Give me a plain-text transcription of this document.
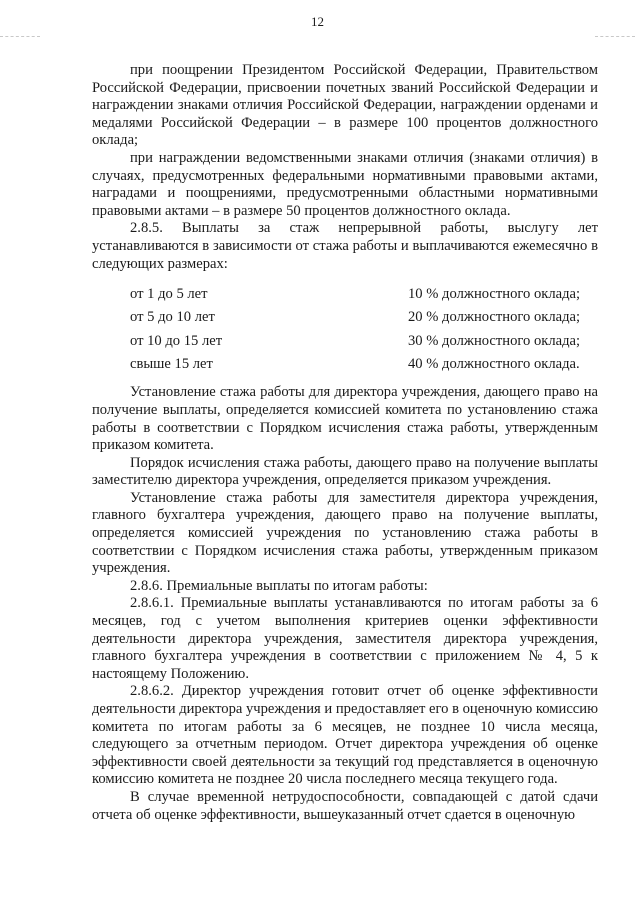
12

при поощрении Президентом Российской Федерации, Правительством Российской Федерации, присвоении почетных званий Российской Федерации и награждении знаками отличия Российской Федерации, награждении орденами и медалями Российской Федерации – в размере 100 процентов должностного оклада;

при награждении ведомственными знаками отличия (знаками отличия) в случаях, предусмотренных федеральными нормативными правовыми актами, наградами и поощрениями, предусмотренными областными нормативными правовыми актами – в размере 50 процентов должностного оклада.

2.8.5. Выплаты за стаж непрерывной работы, выслугу лет устанавливаются в зависимости от стажа работы и выплачиваются ежемесячно в следующих размерах:

от 1 до 5 лет	10 % должностного оклада;
от 5 до 10 лет	20 % должностного оклада;
от 10 до 15 лет	30 % должностного оклада;
свыше 15 лет	40 % должностного оклада.

Установление стажа работы для директора учреждения, дающего право на получение выплаты, определяется комиссией комитета по установлению стажа работы в соответствии с Порядком исчисления стажа работы, утвержденным приказом комитета.

Порядок исчисления стажа работы, дающего право на получение выплаты заместителю директора учреждения, определяется приказом учреждения.

Установление стажа работы для заместителя директора учреждения, главного бухгалтера учреждения, дающего право на получение выплаты, определяется комиссией учреждения по установлению стажа работы в соответствии с Порядком исчисления стажа работы, утвержденным приказом учреждения.

2.8.6. Премиальные выплаты по итогам работы:

2.8.6.1. Премиальные выплаты устанавливаются по итогам работы за 6 месяцев, год с учетом выполнения критериев оценки эффективности деятельности директора учреждения, заместителя директора учреждения, главного бухгалтера учреждения в соответствии с приложением № 4, 5 к настоящему Положению.

2.8.6.2. Директор учреждения готовит отчет об оценке эффективности деятельности директора учреждения и предоставляет его в оценочную комиссию комитета по итогам работы за 6 месяцев, не позднее 10 числа месяца, следующего за отчетным периодом. Отчет директора учреждения об оценке эффективности своей деятельности за текущий год представляется в оценочную комиссию комитета не позднее 20 числа последнего месяца текущего года.

В случае временной нетрудоспособности, совпадающей с датой сдачи отчета об оценке эффективности, вышеуказанный отчет сдается в оценочную
